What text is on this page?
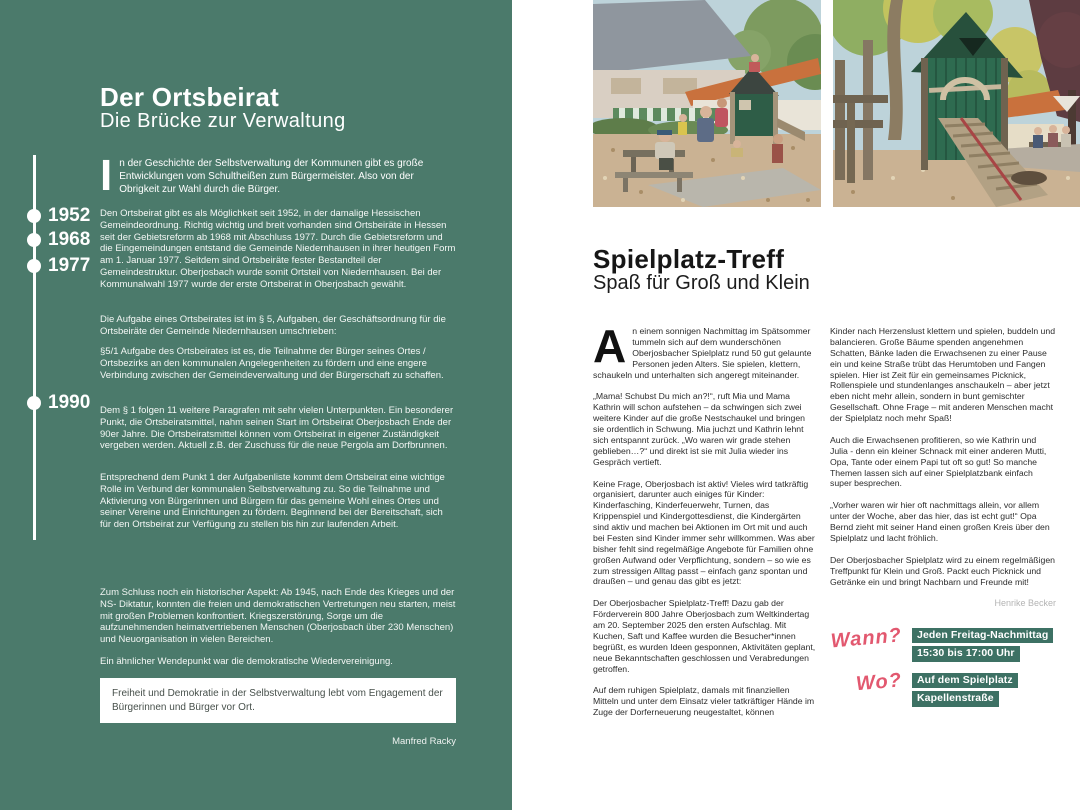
Der Ortsbeirat
Die Brücke zur Verwaltung
1952
1968
1977
1990

In der Geschichte der Selbstverwaltung der Kommunen gibt es große Entwicklungen vom Schultheißen zum Bürgermeister. Also von der Obrigkeit zur Wahl durch die Bürger.

Den Ortsbeirat gibt es als Möglichkeit seit 1952, in der damalige Hessischen Gemeindeordnung. Richtig wichtig und breit vorhanden sind Ortsbeiräte in Hessen seit der Gebietsreform ab 1968 mit Abschluss 1977. Durch die Gebietsreform und die Eingemeindungen entstand die Gemeinde Niedernhausen in ihrer heutigen Form am 1. Januar 1977. Seitdem sind Ortsbeiräte fester Bestandteil der Gemeindestruktur. Oberjosbach wurde somit Ortsteil von Niedernhausen. Bei der Kommunalwahl 1977 wurde der erste Ortsbeirat in Oberjosbach gewählt.

Die Aufgabe eines Ortsbeirates ist im § 5, Aufgaben, der Geschäftsordnung für die Ortsbeiräte der Gemeinde Niedernhausen umschrieben:

§5/1 Aufgabe des Ortsbeirates ist es, die Teilnahme der Bürger seines Ortes / Ortsbezirks an den kommunalen Angelegenheiten zu fördern und eine engere Verbindung zwischen der Gemeindeverwaltung und der Bürgerschaft zu schaffen.

Dem § 1 folgen 11 weitere Paragrafen mit sehr vielen Unterpunkten. Ein besonderer Punkt, die Ortsbeiratsmittel, nahm seinen Start im Ortsbeirat Oberjosbach Ende der 90er Jahre. Die Ortsbeiratsmittel können vom Ortsbeirat in eigener Zuständigkeit vergeben werden. Aktuell z.B. der Zuschuss für die neue Pergola am Dorfbrunnen.

Entsprechend dem Punkt 1 der Aufgabenliste kommt dem Ortsbeirat eine wichtige Rolle im Verbund der kommunalen Selbstverwaltung zu. So die Teilnahme und Aktivierung von Bürgerinnen und Bürgern für das gemeine Wohl eines Ortes und seiner Vereine und Einrichtungen zu fördern. Beginnend bei der Bereitschaft, sich für den Ortsbeirat zur Verfügung zu stellen bis hin zur laufenden Arbeit.

Zum Schluss noch ein historischer Aspekt: Ab 1945, nach Ende des Krieges und der NS- Diktatur, konnten die freien und demokratischen Vertretungen neu starten, meist mit großen Problemen konfrontiert. Kriegszerstörung, Sorge um die aufzunehmenden heimatvertriebenen Menschen (Oberjosbach über 230 Menschen) und Neuorganisation in vielen Bereichen.

Ein ähnlicher Wendepunkt war die demokratische Wiedervereinigung.

Freiheit und Demokratie in der Selbstverwaltung lebt vom Engagement der Bürgerinnen und Bürger vor Ort.
Manfred Racky
Spielplatz-Treff
Spaß für Groß und Klein

An einem sonnigen Nachmittag im Spätsommer tummeln sich auf dem wunderschönen Oberjosbacher Spielplatz rund 50 gut gelaunte Personen jeden Alters. Sie spielen, klettern, schaukeln und unterhalten sich angeregt miteinander.

„Mama! Schubst Du mich an?!“, ruft Mia und Mama Kathrin will schon aufstehen – da schwingen sich zwei weitere Kinder auf die große Nestschaukel und bringen sie ordentlich in Schwung. Mia juchzt und Kathrin lehnt sich entspannt zurück. „Wo waren wir grade stehen geblieben…?“ und direkt ist sie mit Julia wieder ins Gespräch vertieft.

Keine Frage, Oberjosbach ist aktiv! Vieles wird tatkräftig organisiert, darunter auch einiges für Kinder: Kinderfasching, Kinderfeuerwehr, Turnen, das Krippenspiel und Kindergottesdienst, die Kindergärten sind aktiv und machen bei Aktionen im Ort mit und auch bei Festen sind Kinder immer sehr willkommen. Was aber bisher fehlt sind regelmäßige Angebote für Familien ohne großen Aufwand oder Verpflichtung, sondern – so wie es zum stressigen Alltag passt – einfach ganz spontan und draußen – und genau das gibt es jetzt:

Der Oberjosbacher Spielplatz-Treff! Dazu gab der Förderverein 800 Jahre Oberjosbach zum Weltkindertag am 20. September 2025 den ersten Aufschlag. Mit Kuchen, Saft und Kaffee wurden die Besucher*innen begrüßt, es wurden Ideen gesponnen, Aktivitäten geplant, neue Bekanntschaften geschlossen und Verabredungen getroffen.

Auf dem ruhigen Spielplatz, damals mit finanziellen Mitteln und unter dem Einsatz vieler tatkräftiger Hände im Zuge der Dorferneuerung neugestaltet, können

Kinder nach Herzenslust klettern und spielen, buddeln und balancieren. Große Bäume spenden angenehmen Schatten, Bänke laden die Erwachsenen zu einer Pause ein und keine Straße trübt das Herumtoben und Fangen spielen. Hier ist Zeit für ein gemeinsames Picknick, Rollenspiele und stundenlanges anschaukeln – aber jetzt eben nicht mehr allein, sondern in bunt gemischter Gesellschaft. Ohne Frage – mit anderen Menschen macht der Spielplatz noch mehr Spaß!

Auch die Erwachsenen profitieren, so wie Kathrin und Julia - denn ein kleiner Schnack mit einer anderen Mutti, Opa, Tante oder einem Papi tut oft so gut! So manche Themen lassen sich auf einer Spielplatzbank einfach super besprechen.

„Vorher waren wir hier oft nachmittags allein, vor allem unter der Woche, aber das hier, das ist echt gut!“ Opa Bernd zieht mit seiner Hand einen großen Kreis über den Spielplatz und lacht fröhlich.

Der Oberjosbacher Spielplatz wird zu einem regelmäßigen Treffpunkt für Klein und Groß. Packt euch Picknick und Getränke ein und bringt Nachbarn und Freunde mit!

Henrike Becker
Wann?	Jeden Freitag-Nachmittag
15:30 bis 17:00 Uhr
Wo?	Auf dem Spielplatz
Kapellenstraße
